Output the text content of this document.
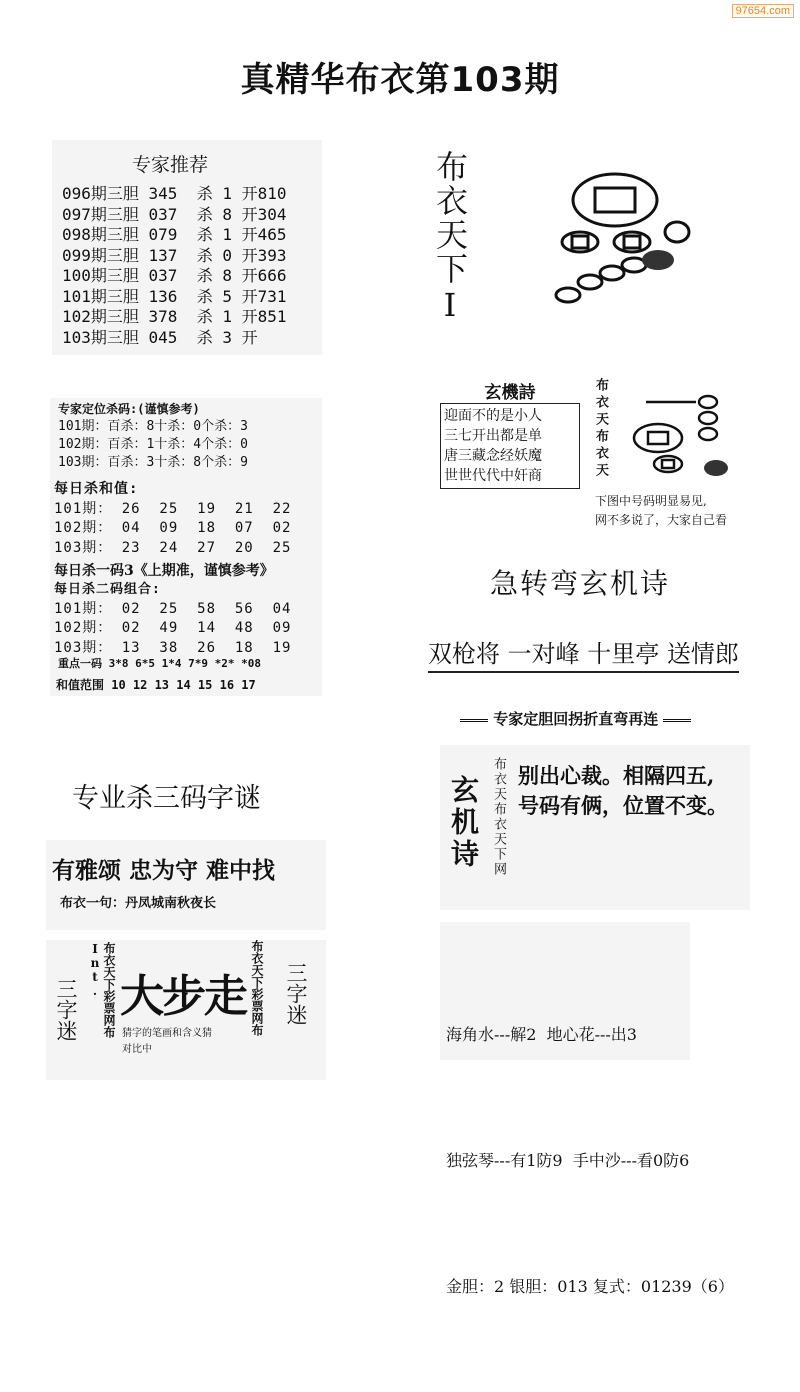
97654.com
真精华布衣第103期
专家推荐
096期三胆 345  杀 1 开810
097期三胆 037  杀 8 开304
098期三胆 079  杀 1 开465
099期三胆 137  杀 0 开393
100期三胆 037  杀 8 开666
101期三胆 136  杀 5 开731
102期三胆 378  杀 1 开851
103期三胆 045  杀 3 开
专家定位杀码:(谨慎参考)
101期：百杀：8十杀：0个杀：3
102期：百杀：1十杀：4个杀：0
103期：百杀：3十杀：8个杀：9
每日杀和值:
101期： 26  25  19  21  22
102期： 04  09  18  07  02
103期： 23  24  27  20  25
每日杀一码3《上期准，谨慎参考》
每日杀二码组合:
101期： 02  25  58  56  04
102期： 02  49  14  48  09
103期： 13  38  26  18  19
重点一码 3*8 6*5 1*4 7*9 *2* *08
和值范围 10 12 13 14 15 16 17
布衣天下I
玄機詩
迎面不的是小人
三七开出都是单
唐三藏念经妖魔
世世代代中奸商	布衣天布衣天
下图中号码明显易见,
网不多说了，大家自己看
急转弯玄机诗
双枪将 一对峰 十里亭 送情郎
专家定胆回拐折直弯再连
玄机诗 布衣天布衣天下网 别出心裁。相隔四五,
号码有俩，位置不变。

海角水---解2  地心花---出3

独弦琴---有1防9  手中沙---看0防6

金胆：2 银胆：013 复式：01239（6）

专业杀三码字谜
有雅颂 忠为守 难中找
布衣一句：丹凤城南秋夜长
三字迷	布衣天下彩票网布Int. 大步走
猜字的笔画和含义猜
对比中
布衣天下彩票网布 三字迷
